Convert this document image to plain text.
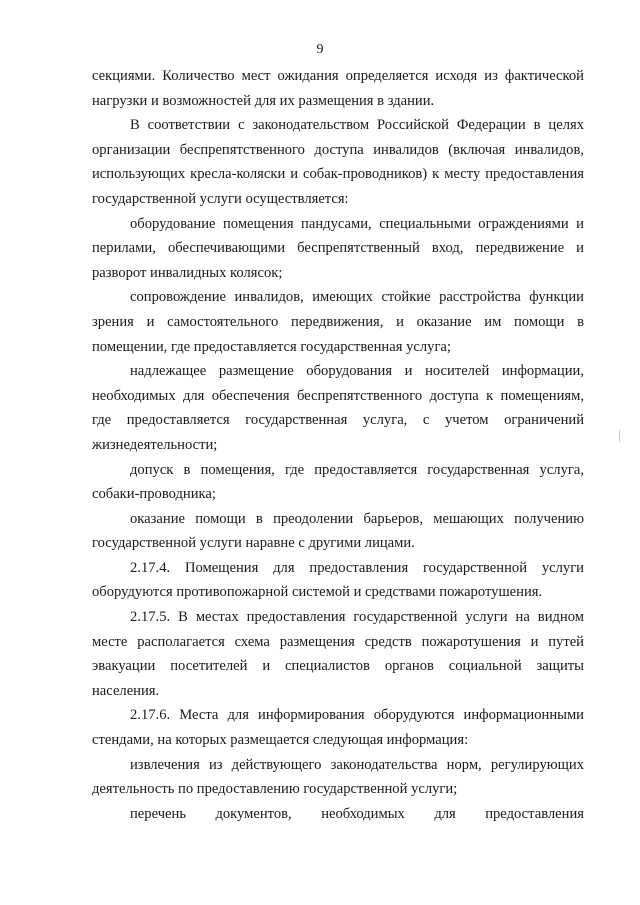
9

секциями. Количество мест ожидания определяется исходя из фактической нагрузки и возможностей для их размещения в здании.

В соответствии с законодательством Российской Федерации в целях организации беспрепятственного доступа инвалидов (включая инвалидов, использующих кресла-коляски и собак-проводников) к месту предоставления государственной услуги осуществляется:

оборудование помещения пандусами, специальными ограждениями и перилами, обеспечивающими беспрепятственный вход, передвижение и разворот инвалидных колясок;

сопровождение инвалидов, имеющих стойкие расстройства функции зрения и самостоятельного передвижения, и оказание им помощи в помещении, где предоставляется государственная услуга;

надлежащее размещение оборудования и носителей информации, необходимых для обеспечения беспрепятственного доступа к помещениям, где предоставляется государственная услуга, с учетом ограничений жизнедеятельности;

допуск в помещения, где предоставляется государственная услуга, собаки-проводника;

оказание помощи в преодолении барьеров, мешающих получению государственной услуги наравне с другими лицами.

2.17.4. Помещения для предоставления государственной услуги оборудуются противопожарной системой и средствами пожаротушения.

2.17.5. В местах предоставления государственной услуги на видном месте располагается схема размещения средств пожаротушения и путей эвакуации посетителей и специалистов органов социальной защиты населения.

2.17.6. Места для информирования оборудуются информационными стендами, на которых размещается следующая информация:

извлечения из действующего законодательства норм, регулирующих деятельность по предоставлению государственной услуги;

перечень документов, необходимых для предоставления
